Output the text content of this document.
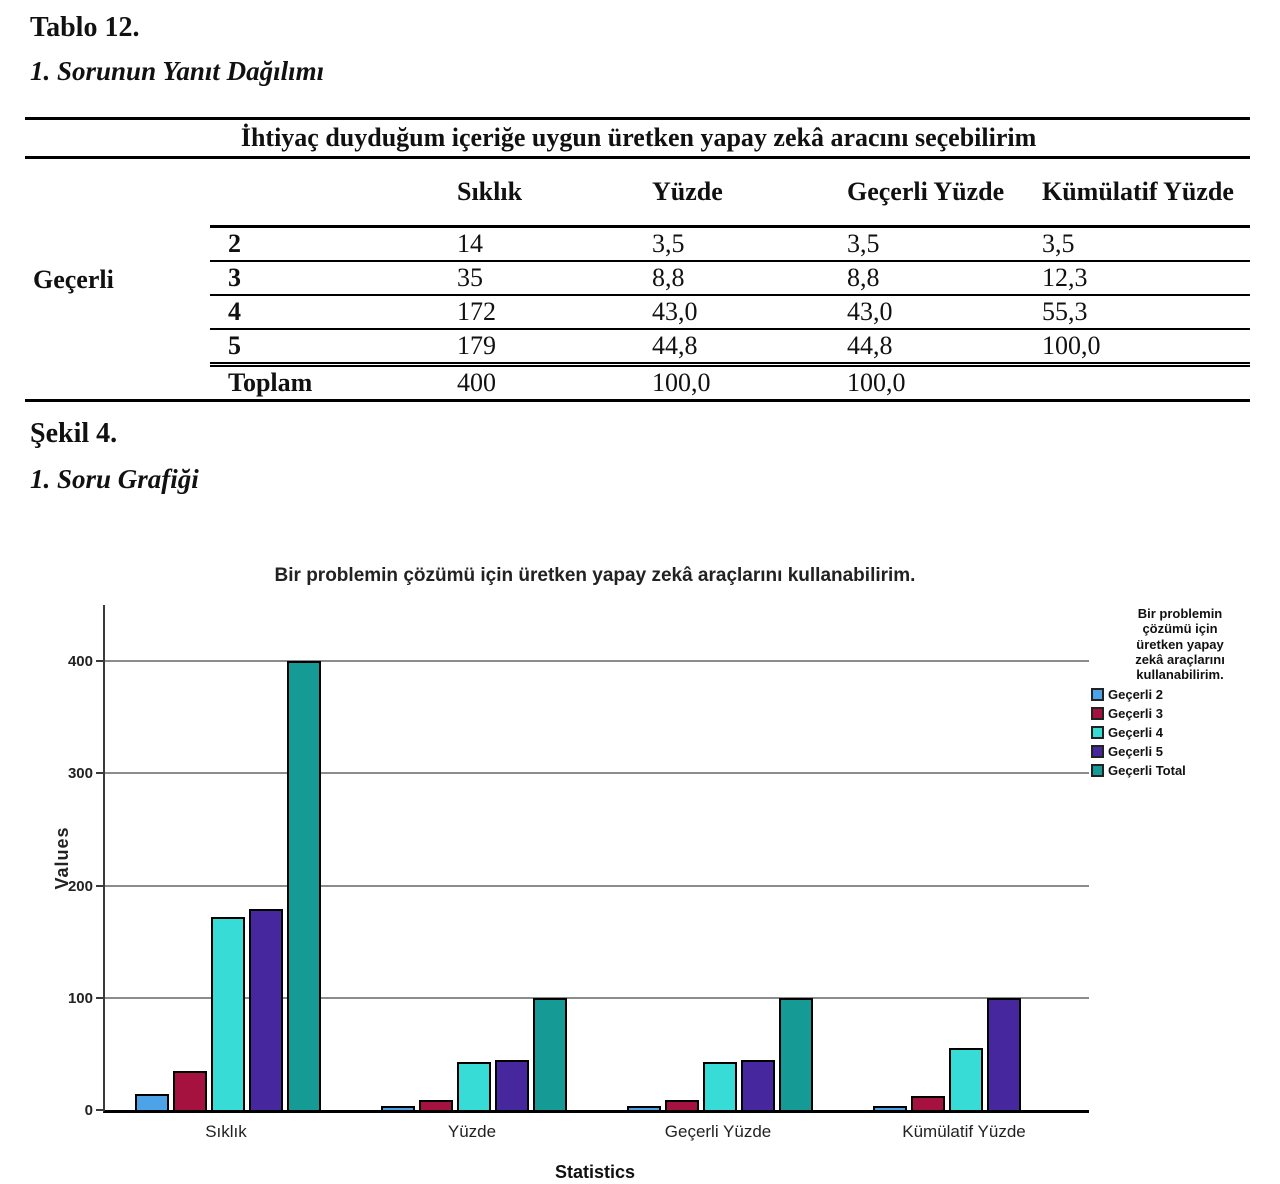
Tablo 12.
1. Sorunun Yanıt Dağılımı
İhtiyaç duyduğum içeriğe uygun üretken yapay zekâ aracını seçebilirim					
		Sıklık	Yüzde	Geçerli Yüzde	Kümülatif Yüzde
Geçerli	2	14	3,5	3,5	3,5
	3	35	8,8	8,8	12,3
	4	172	43,0	43,0	55,3
	5	179	44,8	44,8	100,0
	Toplam	400	100,0	100,0	
Şekil 4.
1. Soru Grafiği
Bir problemin çözümü için üretken yapay zekâ araçlarını kullanabilirim.
Values
0
100
200
300
400
Sıklık	Yüzde	Geçerli Yüzde	Kümülatif Yüzde
Statistics
Bir problemin
çözümü için
üretken yapay
zekâ araçlarını
kullanabilirim.
Geçerli 2
Geçerli 3
Geçerli 4
Geçerli 5
Geçerli Total
